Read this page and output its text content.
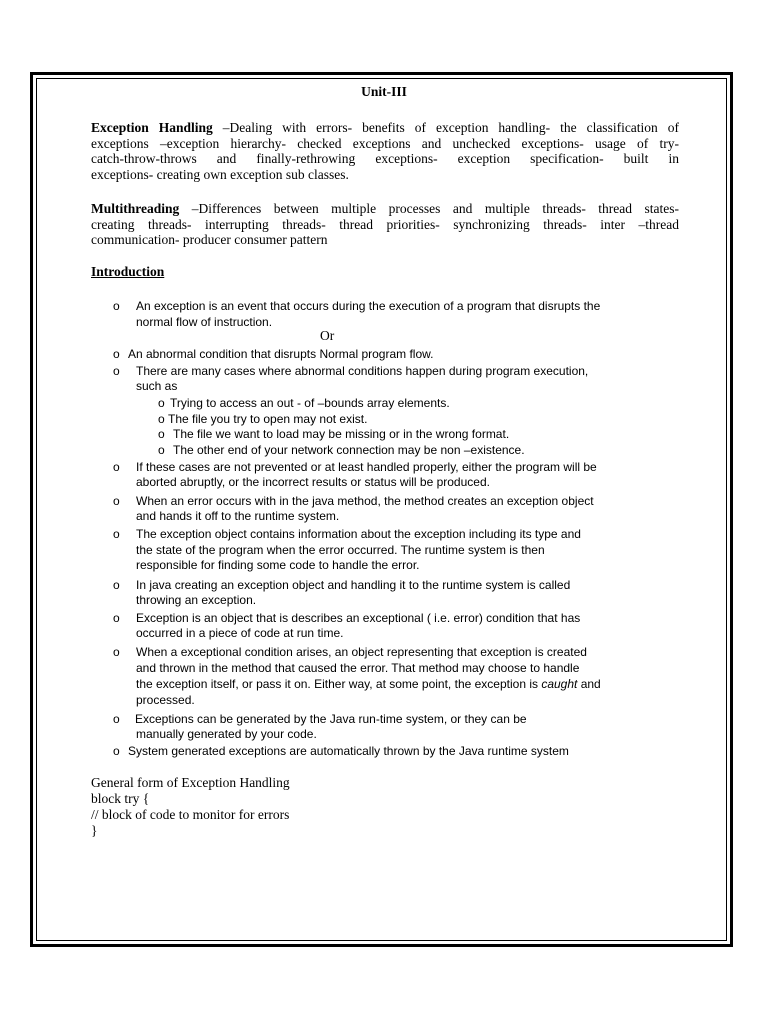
Unit-III
Exception Handling –Dealing with errors- benefits of exception handling- the classification of
exceptions –exception hierarchy- checked exceptions and unchecked exceptions- usage of try-
catch-throw-throws and finally-rethrowing exceptions- exception specification- built in
exceptions- creating own exception sub classes.
Multithreading –Differences between multiple processes and multiple threads- thread states-
creating threads- interrupting threads- thread priorities- synchronizing threads- inter –thread
communication- producer consumer pattern
Introduction
o An exception is an event that occurs during the execution of a program that disrupts the
normal flow of instruction.
Or
o An abnormal condition that disrupts Normal program flow.
o There are many cases where abnormal conditions happen during program execution,
such as
o Trying to access an out - of –bounds array elements.
o The file you try to open may not exist.
o The file we want to load may be missing or in the wrong format.
o The other end of your network connection may be non –existence.
o If these cases are not prevented or at least handled properly, either the program will be
aborted abruptly, or the incorrect results or status will be produced.
o When an error occurs with in the java method, the method creates an exception object
and hands it off to the runtime system.
o The exception object contains information about the exception including its type and
the state of the program when the error occurred. The runtime system is then
responsible for finding some code to handle the error.
o In java creating an exception object and handling it to the runtime system is called
throwing an exception.
o Exception is an object that is describes an exceptional ( i.e. error) condition that has
occurred in a piece of code at run time.
o When a exceptional condition arises, an object representing that exception is created
and thrown in the method that caused the error. That method may choose to handle
the exception itself, or pass it on. Either way, at some point, the exception is caught and
processed.
o Exceptions can be generated by the Java run-time system, or they can be
manually generated by your code.
o System generated exceptions are automatically thrown by the Java runtime system
General form of Exception Handling
block try {
// block of code to monitor for errors
}
